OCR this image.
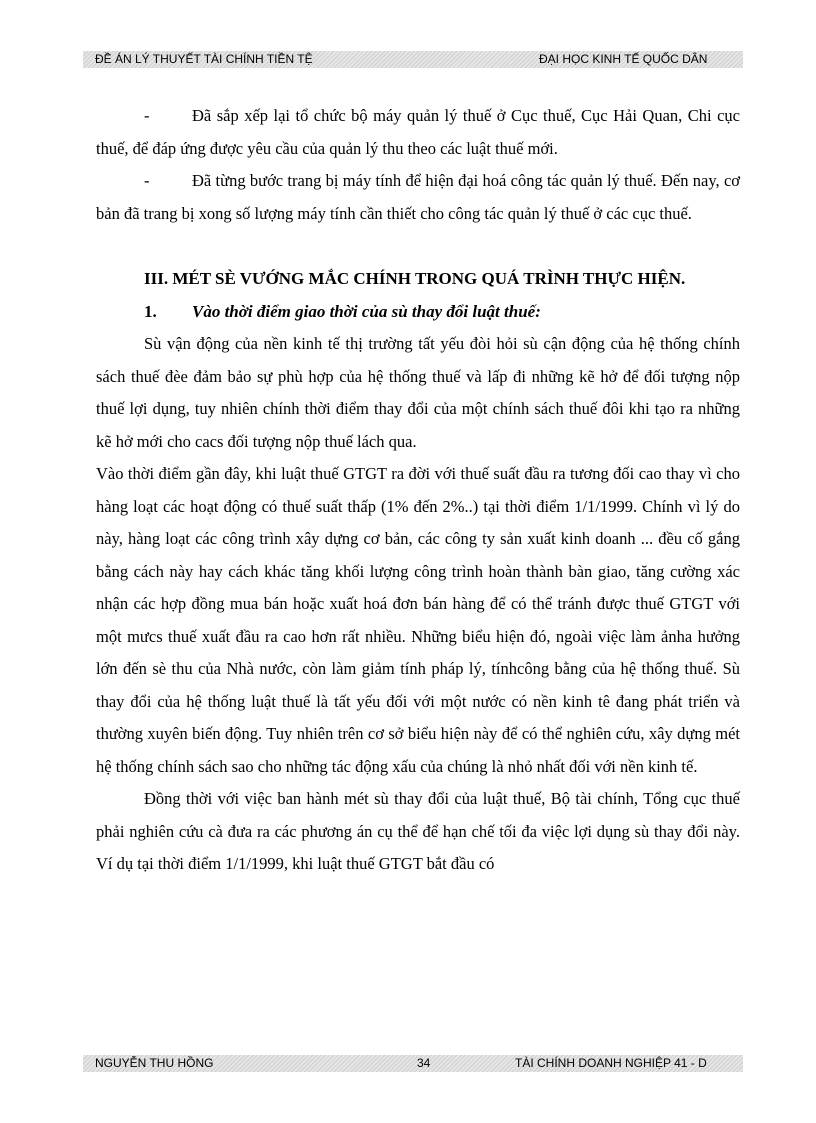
ĐỀ ÁN LÝ THUYẾT TÀI CHÍNH TIỀN TỆ	ĐẠI HỌC KINH TẾ QUỐC DÂN

-	Đã sắp xếp lại tổ chức bộ máy quản lý thuế ở Cục thuế, Cục Hải Quan, Chi cục thuế, để đáp ứng được yêu cầu của quản lý thu theo các luật thuế mới.

-	Đã từng bước trang bị máy tính để hiện đại hoá công tác quản lý thuế. Đến nay, cơ bản đã trang bị xong số lượng máy tính cần thiết cho công tác quản lý thuế ở các cục thuế.

III. MÉT SÈ VƯỚNG MẮC CHÍNH TRONG QUÁ TRÌNH THỰC HIỆN.

1. Vào thời điểm giao thời của sù thay đổi luật thuế:

Sù vận động của nền kinh tế thị trường tất yếu đòi hỏi sù cận động của hệ thống chính sách thuế đèe đảm bảo sự phù hợp của hệ thống thuế và lấp đi những kẽ hở để đối tượng nộp thuế lợi dụng, tuy nhiên chính thời điểm thay đổi của một chính sách thuế đôi khi tạo ra những kẽ hở mới cho cacs đối tượng nộp thuế lách qua.

Vào thời điểm gần đây, khi luật thuế GTGT ra đời với thuế suất đầu ra tương đối cao thay vì cho hàng loạt các hoạt động có thuế suất thấp (1% đến 2%..) tại thời điểm 1/1/1999. Chính vì lý do này, hàng loạt các công trình xây dựng cơ bản, các công ty sản xuất kinh doanh ... đều cố gắng bằng cách này hay cách khác tăng khối lượng công trình hoàn thành bàn giao, tăng cường xác nhận các hợp đồng mua bán hoặc xuất hoá đơn bán hàng để có thể tránh được thuế GTGT với một mưcs thuế xuất đầu ra cao hơn rất nhiều. Những biểu hiện đó, ngoài việc làm ảnha hưởng lớn đến sè thu của Nhà nước, còn làm giảm tính pháp lý, tínhcông bằng của hệ thống thuế. Sù thay đổi của hệ thống luật thuế là tất yếu đối với một nước có nền kinh tê đang phát triển và thường xuyên biến động. Tuy nhiên trên cơ sở biểu hiện này để có thể nghiên cứu, xây dựng mét hệ thống chính sách sao cho những tác động xấu của chúng là nhỏ nhất đối với nền kinh tế.

Đồng thời với việc ban hành mét sù thay đổi của luật thuế, Bộ tài chính, Tổng cục thuế phải nghiên cứu cà đưa ra các phương án cụ thể để hạn chế tối đa việc lợi dụng sù thay đổi này. Ví dụ tại thời điểm 1/1/1999, khi luật thuế GTGT bắt đầu có

NGUYỄN THU HỒNG	34	TÀI CHÍNH DOANH NGHIỆP 41 - D
